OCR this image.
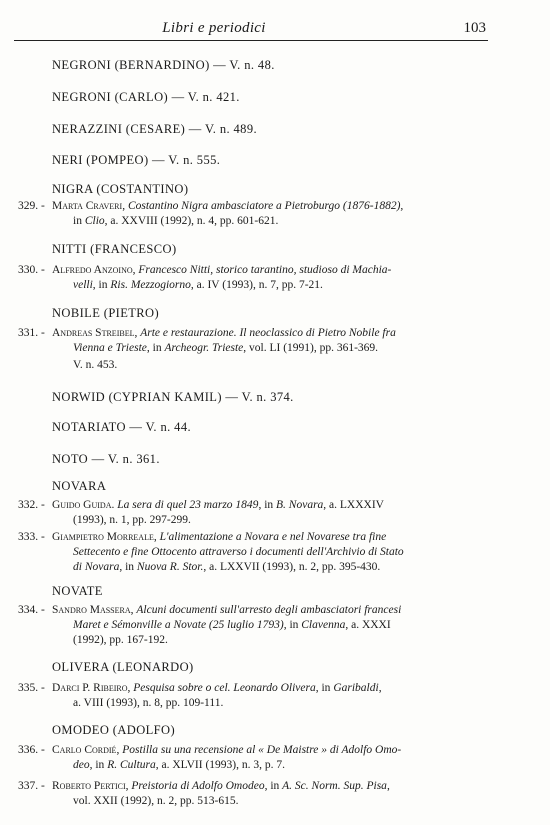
Libri e periodici	103
NEGRONI (BERNARDINO) — V. n. 48.
NEGRONI (CARLO) — V. n. 421.
NERAZZINI (CESARE) — V. n. 489.
NERI (POMPEO) — V. n. 555.
NIGRA (COSTANTINO)
329. - Marta Craveri, Costantino Nigra ambasciatore a Pietroburgo (1876-1882),
in Clio, a. XXVIII (1992), n. 4, pp. 601-621.
NITTI (FRANCESCO)
330. - Alfredo Anzoino, Francesco Nitti, storico tarantino, studioso di Machia-
velli, in Ris. Mezzogiorno, a. IV (1993), n. 7, pp. 7-21.
NOBILE (PIETRO)
331. - Andreas Streibel, Arte e restaurazione. Il neoclassico di Pietro Nobile fra
Vienna e Trieste, in Archeogr. Trieste, vol. LI (1991), pp. 361-369.
V. n. 453.
NORWID (CYPRIAN KAMIL) — V. n. 374.
NOTARIATO — V. n. 44.
NOTO — V. n. 361.
NOVARA
332. - Guido Guida. La sera di quel 23 marzo 1849, in B. Novara, a. LXXXIV
(1993), n. 1, pp. 297-299.
333. - Giampietro Morreale, L'alimentazione a Novara e nel Novarese tra fine
Settecento e fine Ottocento attraverso i documenti dell'Archivio di Stato
di Novara, in Nuova R. Stor., a. LXXVII (1993), n. 2, pp. 395-430.
NOVATE
334. - Sandro Massera, Alcuni documenti sull'arresto degli ambasciatori francesi
Maret e Sémonville a Novate (25 luglio 1793), in Clavenna, a. XXXI
(1992), pp. 167-192.
OLIVERA (LEONARDO)
335. - Darci P. Ribeiro, Pesquisa sobre o cel. Leonardo Olivera, in Garibaldi,
a. VIII (1993), n. 8, pp. 109-111.
OMODEO (ADOLFO)
336. - Carlo Cordié, Postilla su una recensione al « De Maistre » di Adolfo Omo-
deo, in R. Cultura, a. XLVII (1993), n. 3, p. 7.
337. - Roberto Pertici, Preistoria di Adolfo Omodeo, in A. Sc. Norm. Sup. Pisa,
vol. XXII (1992), n. 2, pp. 513-615.
